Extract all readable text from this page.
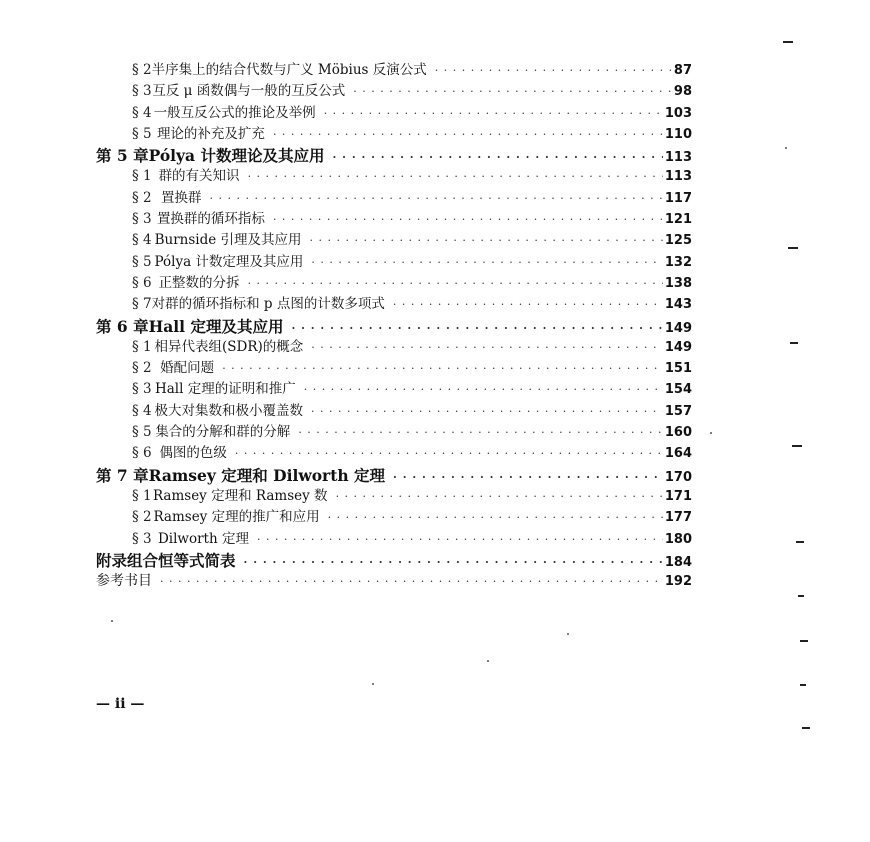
§ 2 半序集上的结合代数与广义 Möbius 反演公式 · · ·	87
§ 3 互反 μ 函数偶与一般的互反公式 · · ·	98
§ 4 一般互反公式的推论及举例 · · ·	103
§ 5 理论的补充及扩充 · · ·	110
第 5 章 Pólya 计数理论及其应用 · · ·	113
§ 1 群的有关知识 · · ·	113
§ 2 置换群 · · ·	117
§ 3 置换群的循环指标 · · ·	121
§ 4 Burnside 引理及其应用 · · ·	125
§ 5 Pólya 计数定理及其应用 · · ·	132
§ 6 正整数的分拆 · · ·	138
§ 7 对群的循环指标和 p 点图的计数多项式 · · ·	143
第 6 章 Hall 定理及其应用 · · ·	149
§ 1 相异代表组(SDR)的概念 · · ·	149
§ 2 婚配问题 · · ·	151
§ 3 Hall 定理的证明和推广 · · ·	154
§ 4 极大对集数和极小覆盖数 · · ·	157
§ 5 集合的分解和群的分解 · · ·	160
§ 6 偶图的色级 · · ·	164
第 7 章 Ramsey 定理和 Dilworth 定理 · · ·	170
§ 1 Ramsey 定理和 Ramsey 数 · · ·	171
§ 2 Ramsey 定理的推广和应用 · · ·	177
§ 3 Dilworth 定理 · · ·	180
附录 组合恒等式简表 · · ·	184
参考书目 · · ·	192
— ii —
